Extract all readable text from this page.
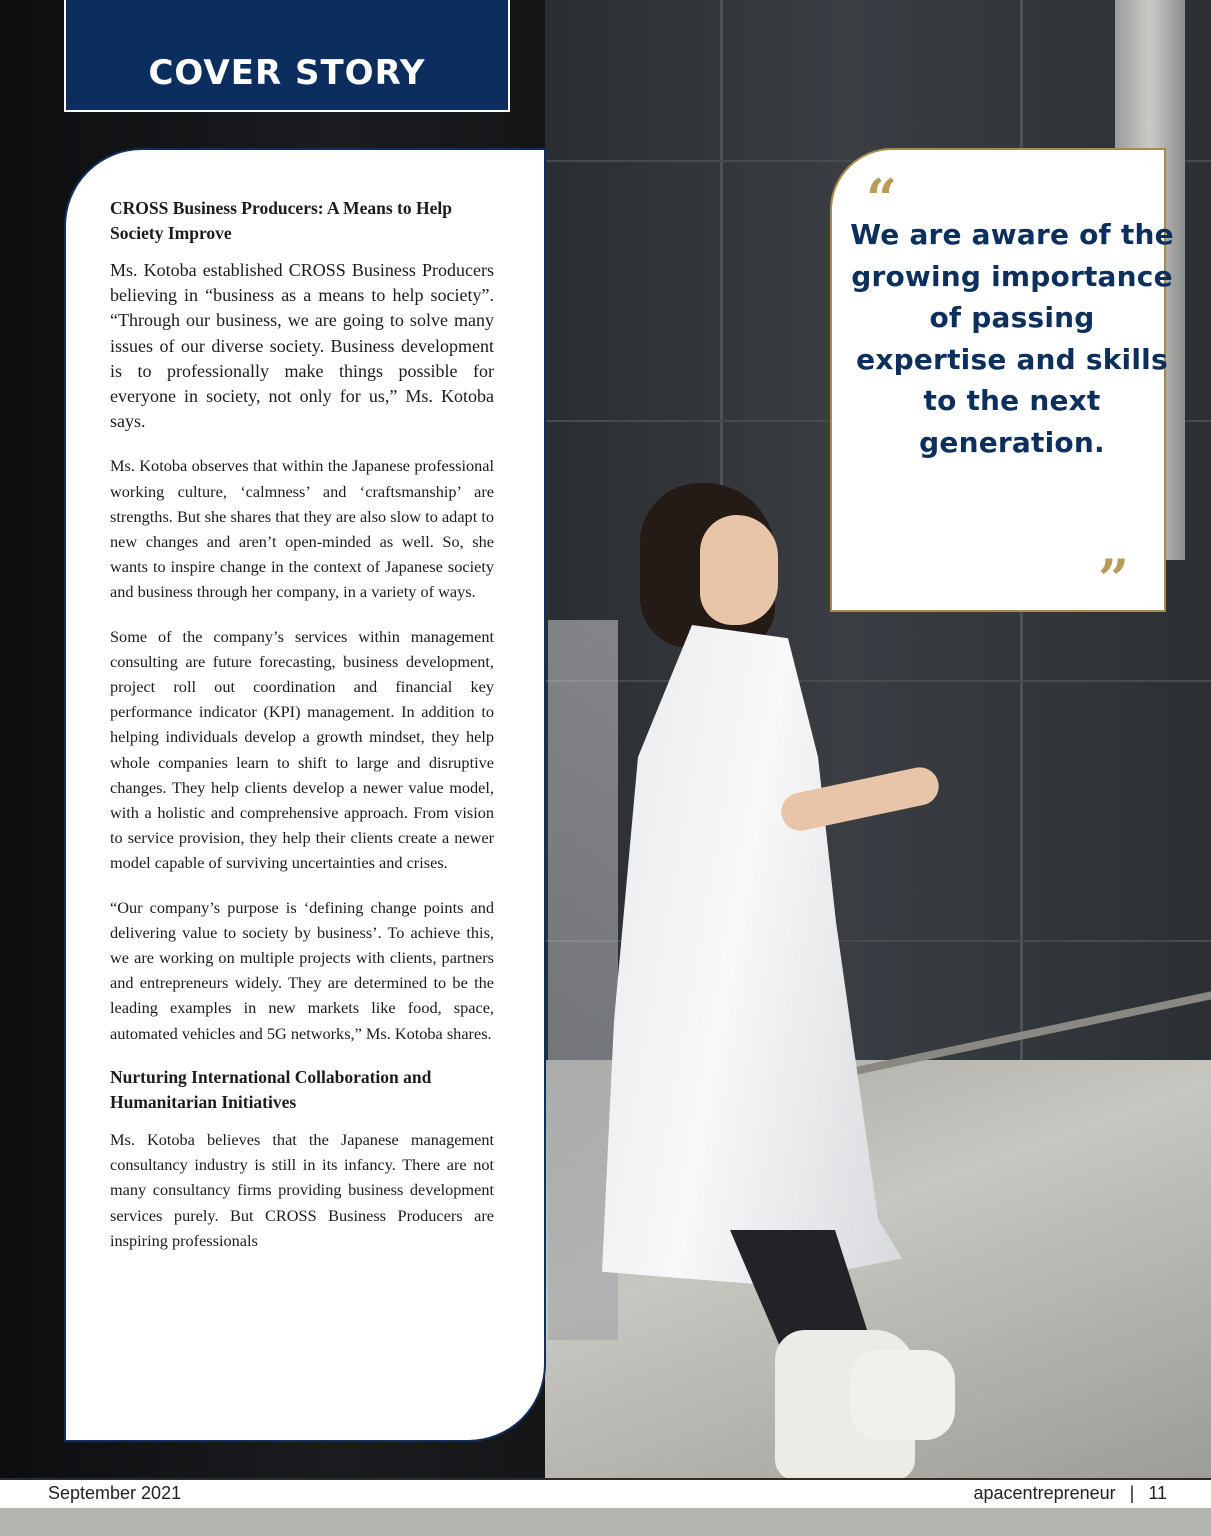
COVER STORY
CROSS Business Producers: A Means to Help Society Improve

Ms. Kotoba established CROSS Business Producers believing in “business as a means to help society”. “Through our business, we are going to solve many issues of our diverse society. Business development is to professionally make things possible for everyone in society, not only for us,” Ms. Kotoba says.

Ms. Kotoba observes that within the Japanese professional working culture, ‘calmness’ and ‘craftsmanship’ are strengths. But she shares that they are also slow to adapt to new changes and aren’t open-minded as well. So, she wants to inspire change in the context of Japanese society and business through her company, in a variety of ways.

Some of the company’s services within management consulting are future forecasting, business development, project roll out coordination and financial key performance indicator (KPI) management. In addition to helping individuals develop a growth mindset, they help whole companies learn to shift to large and disruptive changes. They help clients develop a newer value model, with a holistic and comprehensive approach. From vision to service provision, they help their clients create a newer model capable of surviving uncertainties and crises.

“Our company’s purpose is ‘defining change points and delivering value to society by business’. To achieve this, we are working on multiple projects with clients, partners and entrepreneurs widely. They are determined to be the leading examples in new markets like food, space, automated vehicles and 5G networks,” Ms. Kotoba shares.

Nurturing International Collaboration and Humanitarian Initiatives

Ms. Kotoba believes that the Japanese management consultancy industry is still in its infancy. There are not many consultancy firms providing business development services purely. But CROSS Business Producers are inspiring professionals

“
We are aware of the growing importance of passing expertise and skills to the next generation.
”
September 2021	apacentrepreneur | 11
